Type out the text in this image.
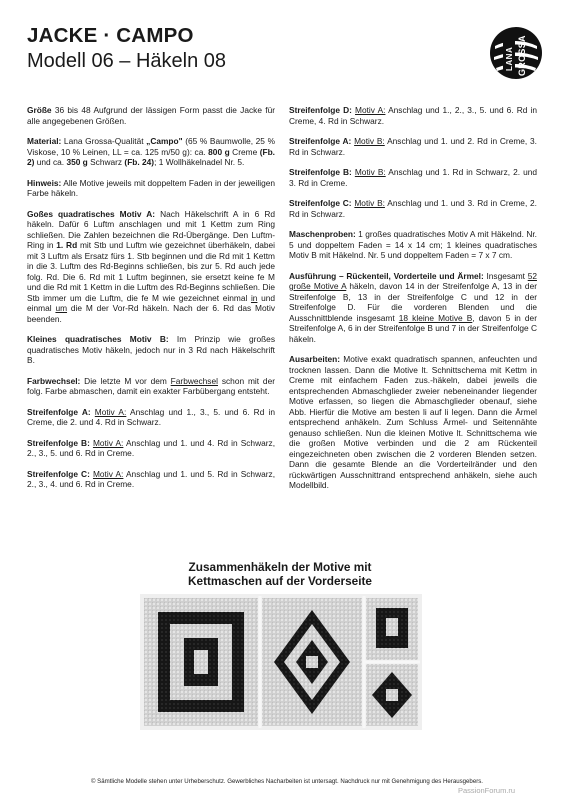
JACKE · CAMPO
Modell 06 – Häkeln 08	LANA GROSSA

Größe 36 bis 48 Aufgrund der lässigen Form passt die Jacke für alle angegebenen Größen.

Material: Lana Grossa-Qualität „Campo" (65 % Baumwolle, 25 % Viskose, 10 % Leinen, LL = ca. 125 m/50 g): ca. 800 g Creme (Fb. 2) und ca. 350 g Schwarz (Fb. 24); 1 Wollhäkelnadel Nr. 5.

Hinweis: Alle Motive jeweils mit doppeltem Faden in der jeweiligen Farbe häkeln.

Goßes quadratisches Motiv A: Nach Häkelschrift A in 6 Rd häkeln. Dafür 6 Luftm anschlagen und mit 1 Kettm zum Ring schließen. Die Zahlen bezeichnen die Rd-Übergänge. Den Luftm-Ring in 1. Rd mit Stb und Luftm wie gezeichnet überhäkeln, dabei mit 3 Luftm als Ersatz fürs 1. Stb beginnen und die Rd mit 1 Kettm in die 3. Luftm des Rd-Beginns schließen, bis zur 5. Rd auch jede folg. Rd. Die 6. Rd mit 1 Luftm beginnen, sie ersetzt keine fe M und die Rd mit 1 Kettm in die Luftm des Rd-Beginns schließen. Die Stb immer um die Luftm, die fe M wie gezeichnet einmal in und einmal um die M der Vor-Rd häkeln. Nach der 6. Rd das Motiv beenden.

Kleines quadratisches Motiv B: Im Prinzip wie großes quadratisches Motiv häkeln, jedoch nur in 3 Rd nach Häkelschrift B.

Farbwechsel: Die letzte M vor dem Farbwechsel schon mit der folg. Farbe abmaschen, damit ein exakter Farbübergang entsteht.

Streifenfolge A: Motiv A: Anschlag und 1., 3., 5. und 6. Rd in Creme, die 2. und 4. Rd in Schwarz.

Streifenfolge B: Motiv A: Anschlag und 1. und 4. Rd in Schwarz, 2., 3., 5. und 6. Rd in Creme.

Streifenfolge C: Motiv A: Anschlag und 1. und 5. Rd in Schwarz, 2., 3., 4. und 6. Rd in Creme.

Streifenfolge D: Motiv A: Anschlag und 1., 2., 3., 5. und 6. Rd in Creme, 4. Rd in Schwarz.

Streifenfolge A: Motiv B: Anschlag und 1. und 2. Rd in Creme, 3. Rd in Schwarz.

Streifenfolge B: Motiv B: Anschlag und 1. Rd in Schwarz, 2. und 3. Rd in Creme.

Streifenfolge C: Motiv B: Anschlag und 1. und 3. Rd in Creme, 2. Rd in Schwarz.

Maschenproben: 1 großes quadratisches Motiv A mit Häkelnd. Nr. 5 und doppeltem Faden = 14 x 14 cm; 1 kleines quadratisches Motiv B mit Häkelnd. Nr. 5 und doppeltem Faden = 7 x 7 cm.

Ausführung – Rückenteil, Vorderteile und Ärmel: Insgesamt 52 große Motive A häkeln, davon 14 in der Streifenfolge A, 13 in der Streifenfolge B, 13 in der Streifenfolge C und 12 in der Streifenfolge D. Für die vorderen Blenden und die Ausschnittblende insgesamt 18 kleine Motive B, davon 5 in der Streifenfolge A, 6 in der Streifenfolge B und 7 in der Streifenfolge C häkeln.

Ausarbeiten: Motive exakt quadratisch spannen, anfeuchten und trocknen lassen. Dann die Motive lt. Schnittschema mit Kettm in Creme mit einfachem Faden zus.-häkeln, dabei jeweils die entsprechenden Abmaschglieder zweier nebeneinander liegender Motive erfassen, so liegen die Abmaschglieder obenauf, siehe Abb. Hierfür die Motive am besten li auf li legen. Dann die Ärmel entsprechend anhäkeln. Zum Schluss Ärmel- und Seitennähte genauso schließen. Nun die kleinen Motive lt. Schnittschema wie die großen Motive verbinden und die 2 am Rückenteil eingezeichneten oben zwischen die 2 vorderen Blenden setzen. Dann die gesamte Blende an die Vorderteilränder und den rückwärtigen Ausschnittrand entsprechend anhäkeln, siehe auch Modellbild.

Zusammenhäkeln der Motive mit
Kettmaschen auf der Vorderseite
© Sämtliche Modelle stehen unter Urheberschutz. Gewerbliches Nacharbeiten ist untersagt. Nachdruck nur mit Genehmigung des Herausgebers.
PassionForum.ru
